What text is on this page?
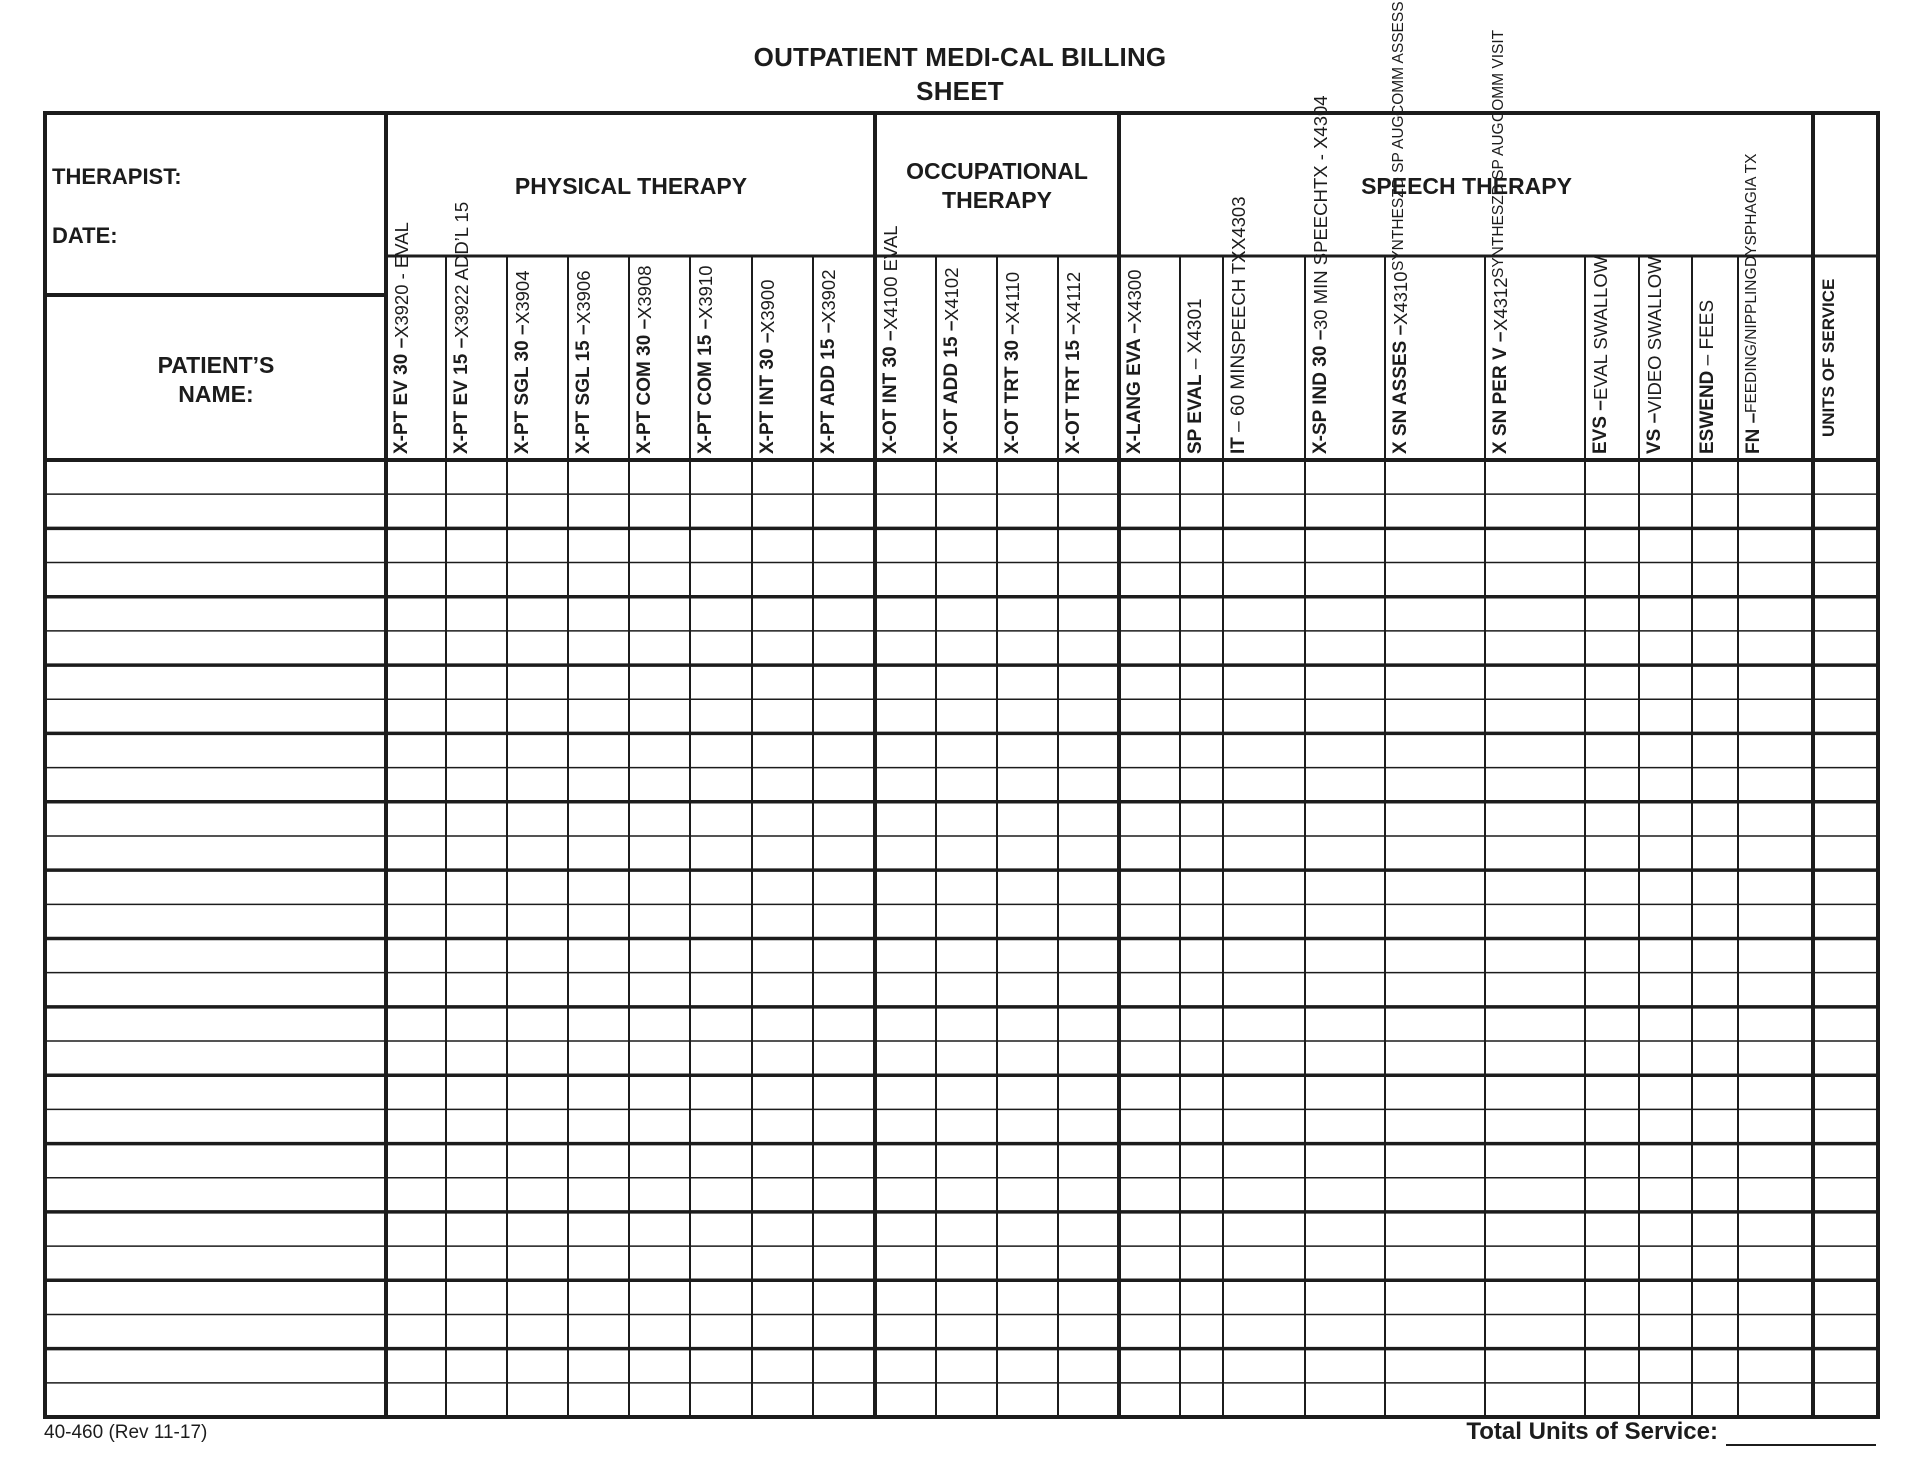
OUTPATIENT MEDI-CAL BILLING
SHEET
THERAPIST:
DATE:
PATIENT’S
NAME:
PHYSICAL THERAPY
OCCUPATIONAL
THERAPY
SPEECH THERAPY
X-PT EV 30 –
X3920 - EVAL
X-PT EV 15 –
X3922 ADD’L 15
X-PT SGL 30 –
X3904
X-PT SGL 15 –
X3906
X-PT COM 30 –
X3908
X-PT COM 15 –
X3910
X-PT INT 30 –
X3900
X-PT ADD 15 –
X3902
X-OT INT 30 –
X4100 EVAL
X-OT ADD 15 –
X4102
X-OT TRT 30 –
X4110
X-OT TRT 15 –
X4112
X-LANG EVA –
X4300
SP EVAL – X4301
IT – 60 MIN
SPEECH TX
X4303
X-SP IND 30 –
30 MIN SPEECH
TX - X4304
X SN ASSES –
X4310
SYNTHESZD SP AUG
COMM ASSESS
X SN PER V –
X4312
SYNTHESZD SP AUG
COMM VISIT
EVS –
EVAL SWALLOW
VS –
VIDEO SWALLOW ESWEND – FEES
FN –
FEEDING/NIPPLING
DYSPHAGIA TX
UNITS OF SERVICE
40-460 (Rev 11-17)	Total Units of Service:
